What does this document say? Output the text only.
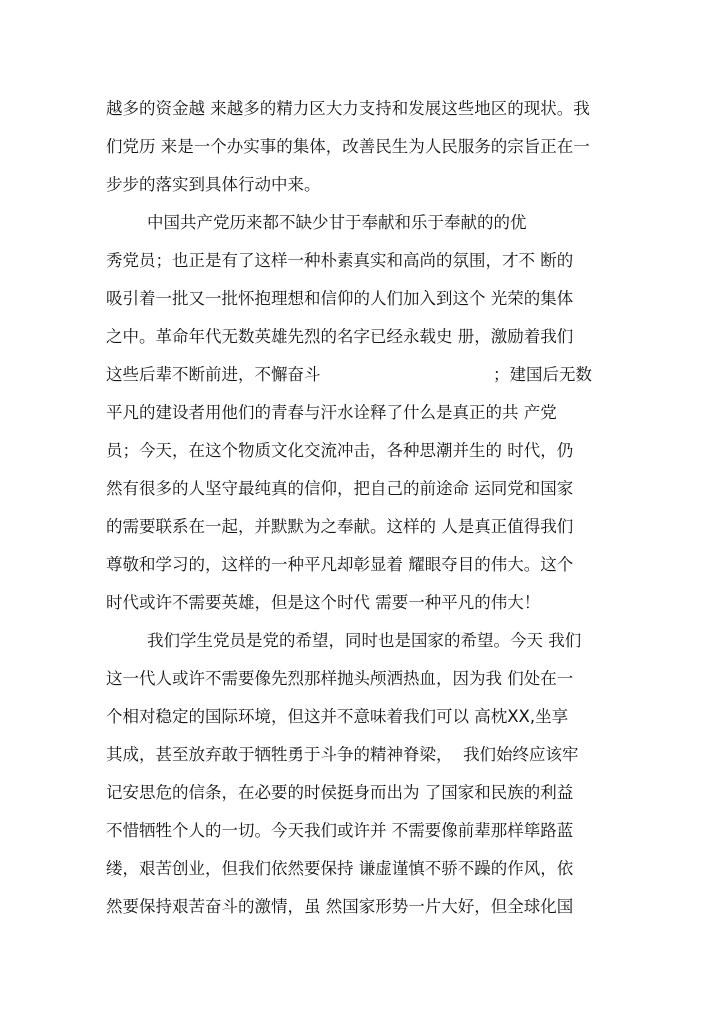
越多的资金越 来越多的精力区大力支持和发展这些地区的现状。我

们党历 来是一个办实事的集体，改善民生为人民服务的宗旨正在一

步步的落实到具体行动中来。

中国共产党历来都不缺少甘于奉献和乐于奉献的的优

秀党员；也正是有了这样一种朴素真实和高尚的氛围，才不 断的

吸引着一批又一批怀抱理想和信仰的人们加入到这个 光荣的集体

之中。革命年代无数英雄先烈的名字已经永载史 册，激励着我们

这些后辈不断前进，不懈奋斗	；建国后无数

平凡的建设者用他们的青春与汗水诠释了什么是真正的共 产党

员；今天，在这个物质文化交流冲击，各种思潮并生的 时代，仍

然有很多的人坚守最纯真的信仰，把自己的前途命 运同党和国家

的需要联系在一起，并默默为之奉献。这样的 人是真正值得我们

尊敬和学习的，这样的一种平凡却彰显着 耀眼夺目的伟大。这个

时代或许不需要英雄，但是这个时代 需要一种平凡的伟大！

我们学生党员是党的希望，同时也是国家的希望。今天 我们

这一代人或许不需要像先烈那样抛头颅洒热血，因为我 们处在一

个相对稳定的国际环境，但这并不意味着我们可以 高枕XX,坐享

其成，甚至放弃敢于牺牲勇于斗争的精神脊梁，  我们始终应该牢

记安思危的信条，在必要的时侯挺身而出为 了国家和民族的利益

不惜牺牲个人的一切。今天我们或许并 不需要像前辈那样筚路蓝

缕，艰苦创业，但我们依然要保持 谦虚谨慎不骄不躁的作风，依

然要保持艰苦奋斗的激情，虽 然国家形势一片大好，但全球化国
